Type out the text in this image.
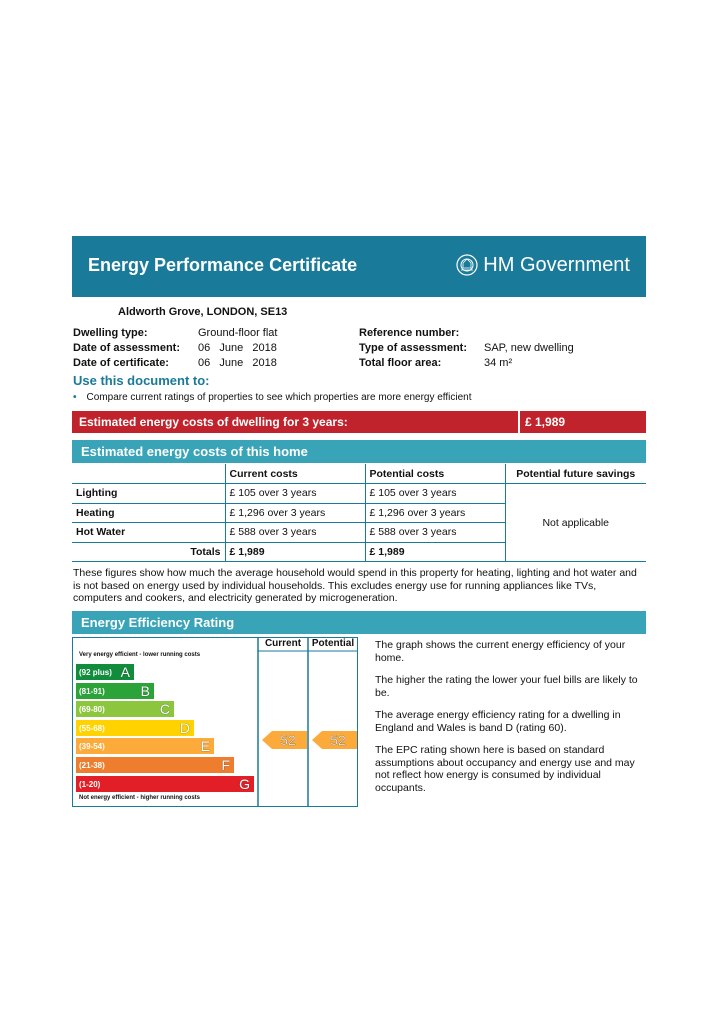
Energy Performance Certificate	HM Government
Aldworth Grove, LONDON, SE13
Dwelling type:	Ground-floor flat
Date of assessment:	06   June   2018
Date of certificate:	06   June   2018
Reference number:
Type of assessment:	SAP, new dwelling
Total floor area:	34 m²
Use this document to:
• Compare current ratings of properties to see which properties are more energy efficient
Estimated energy costs of dwelling for 3 years:	£ 1,989
Estimated energy costs of this home
	Current costs	Potential costs	Potential future savings
Lighting	£ 105 over 3 years	£ 105 over 3 years	Not applicable
Heating	£ 1,296 over 3 years	£ 1,296 over 3 years	
Hot Water	£ 588 over 3 years	£ 588 over 3 years	
Totals	£ 1,989	£ 1,989	
These figures show how much the average household would spend in this property for heating, lighting and hot water and is not based on energy used by individual households. This excludes energy use for running appliances like TVs, computers and cookers, and electricity generated by microgeneration.
Energy Efficiency Rating
Current	Potential
Very energy efficient - lower running costs
(92 plus) A
(81-91)	B
(69-80)	C
(55-68)	D
(39-54)	E
(21-38)	F
(1-20)	G
Not energy efficient - higher running costs
52 52

The graph shows the current energy efficiency of your home.

The higher the rating the lower your fuel bills are likely to be.

The average energy efficiency rating for a dwelling in England and Wales is band D (rating 60).

The EPC rating shown here is based on standard assumptions about occupancy and energy use and may not reflect how energy is consumed by individual occupants.
